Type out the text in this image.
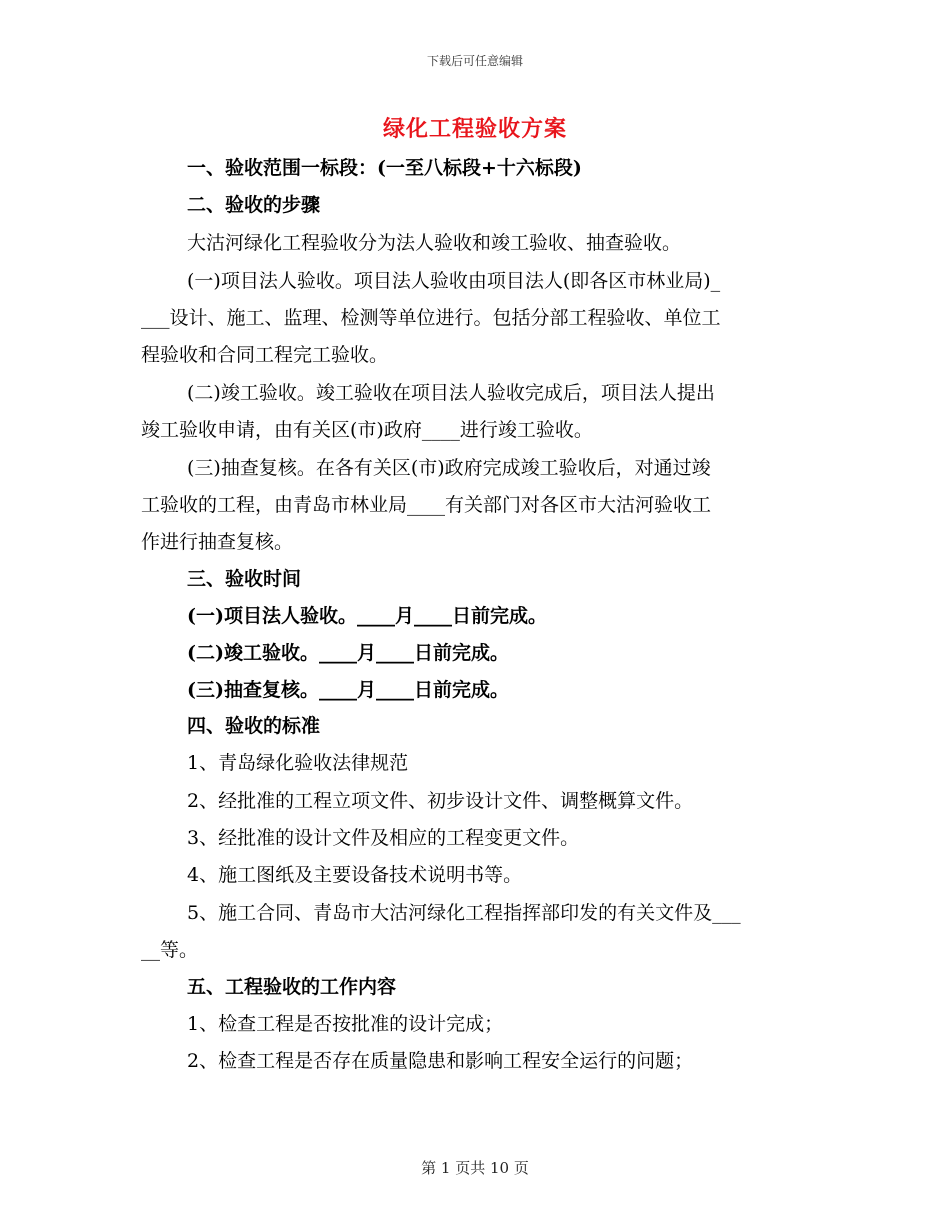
下载后可任意编辑
绿化工程验收方案
一、验收范围一标段：(一至八标段+十六标段)
二、验收的步骤
大沽河绿化工程验收分为法人验收和竣工验收、抽查验收。
(一)项目法人验收。项目法人验收由项目法人(即各区市林业局)_
___设计、施工、监理、检测等单位进行。包括分部工程验收、单位工
程验收和合同工程完工验收。
(二)竣工验收。竣工验收在项目法人验收完成后，项目法人提出
竣工验收申请，由有关区(市)政府____进行竣工验收。
(三)抽查复核。在各有关区(市)政府完成竣工验收后，对通过竣
工验收的工程，由青岛市林业局____有关部门对各区市大沽河验收工
作进行抽查复核。
三、验收时间
(一)项目法人验收。____月____日前完成。
(二)竣工验收。____月____日前完成。
(三)抽查复核。____月____日前完成。
四、验收的标准
1、青岛绿化验收法律规范
2、经批准的工程立项文件、初步设计文件、调整概算文件。
3、经批准的设计文件及相应的工程变更文件。
4、施工图纸及主要设备技术说明书等。
5、施工合同、青岛市大沽河绿化工程指挥部印发的有关文件及___
__等。
五、工程验收的工作内容
1、检查工程是否按批准的设计完成；
2、检查工程是否存在质量隐患和影响工程安全运行的问题；
第 1 页共 10 页
